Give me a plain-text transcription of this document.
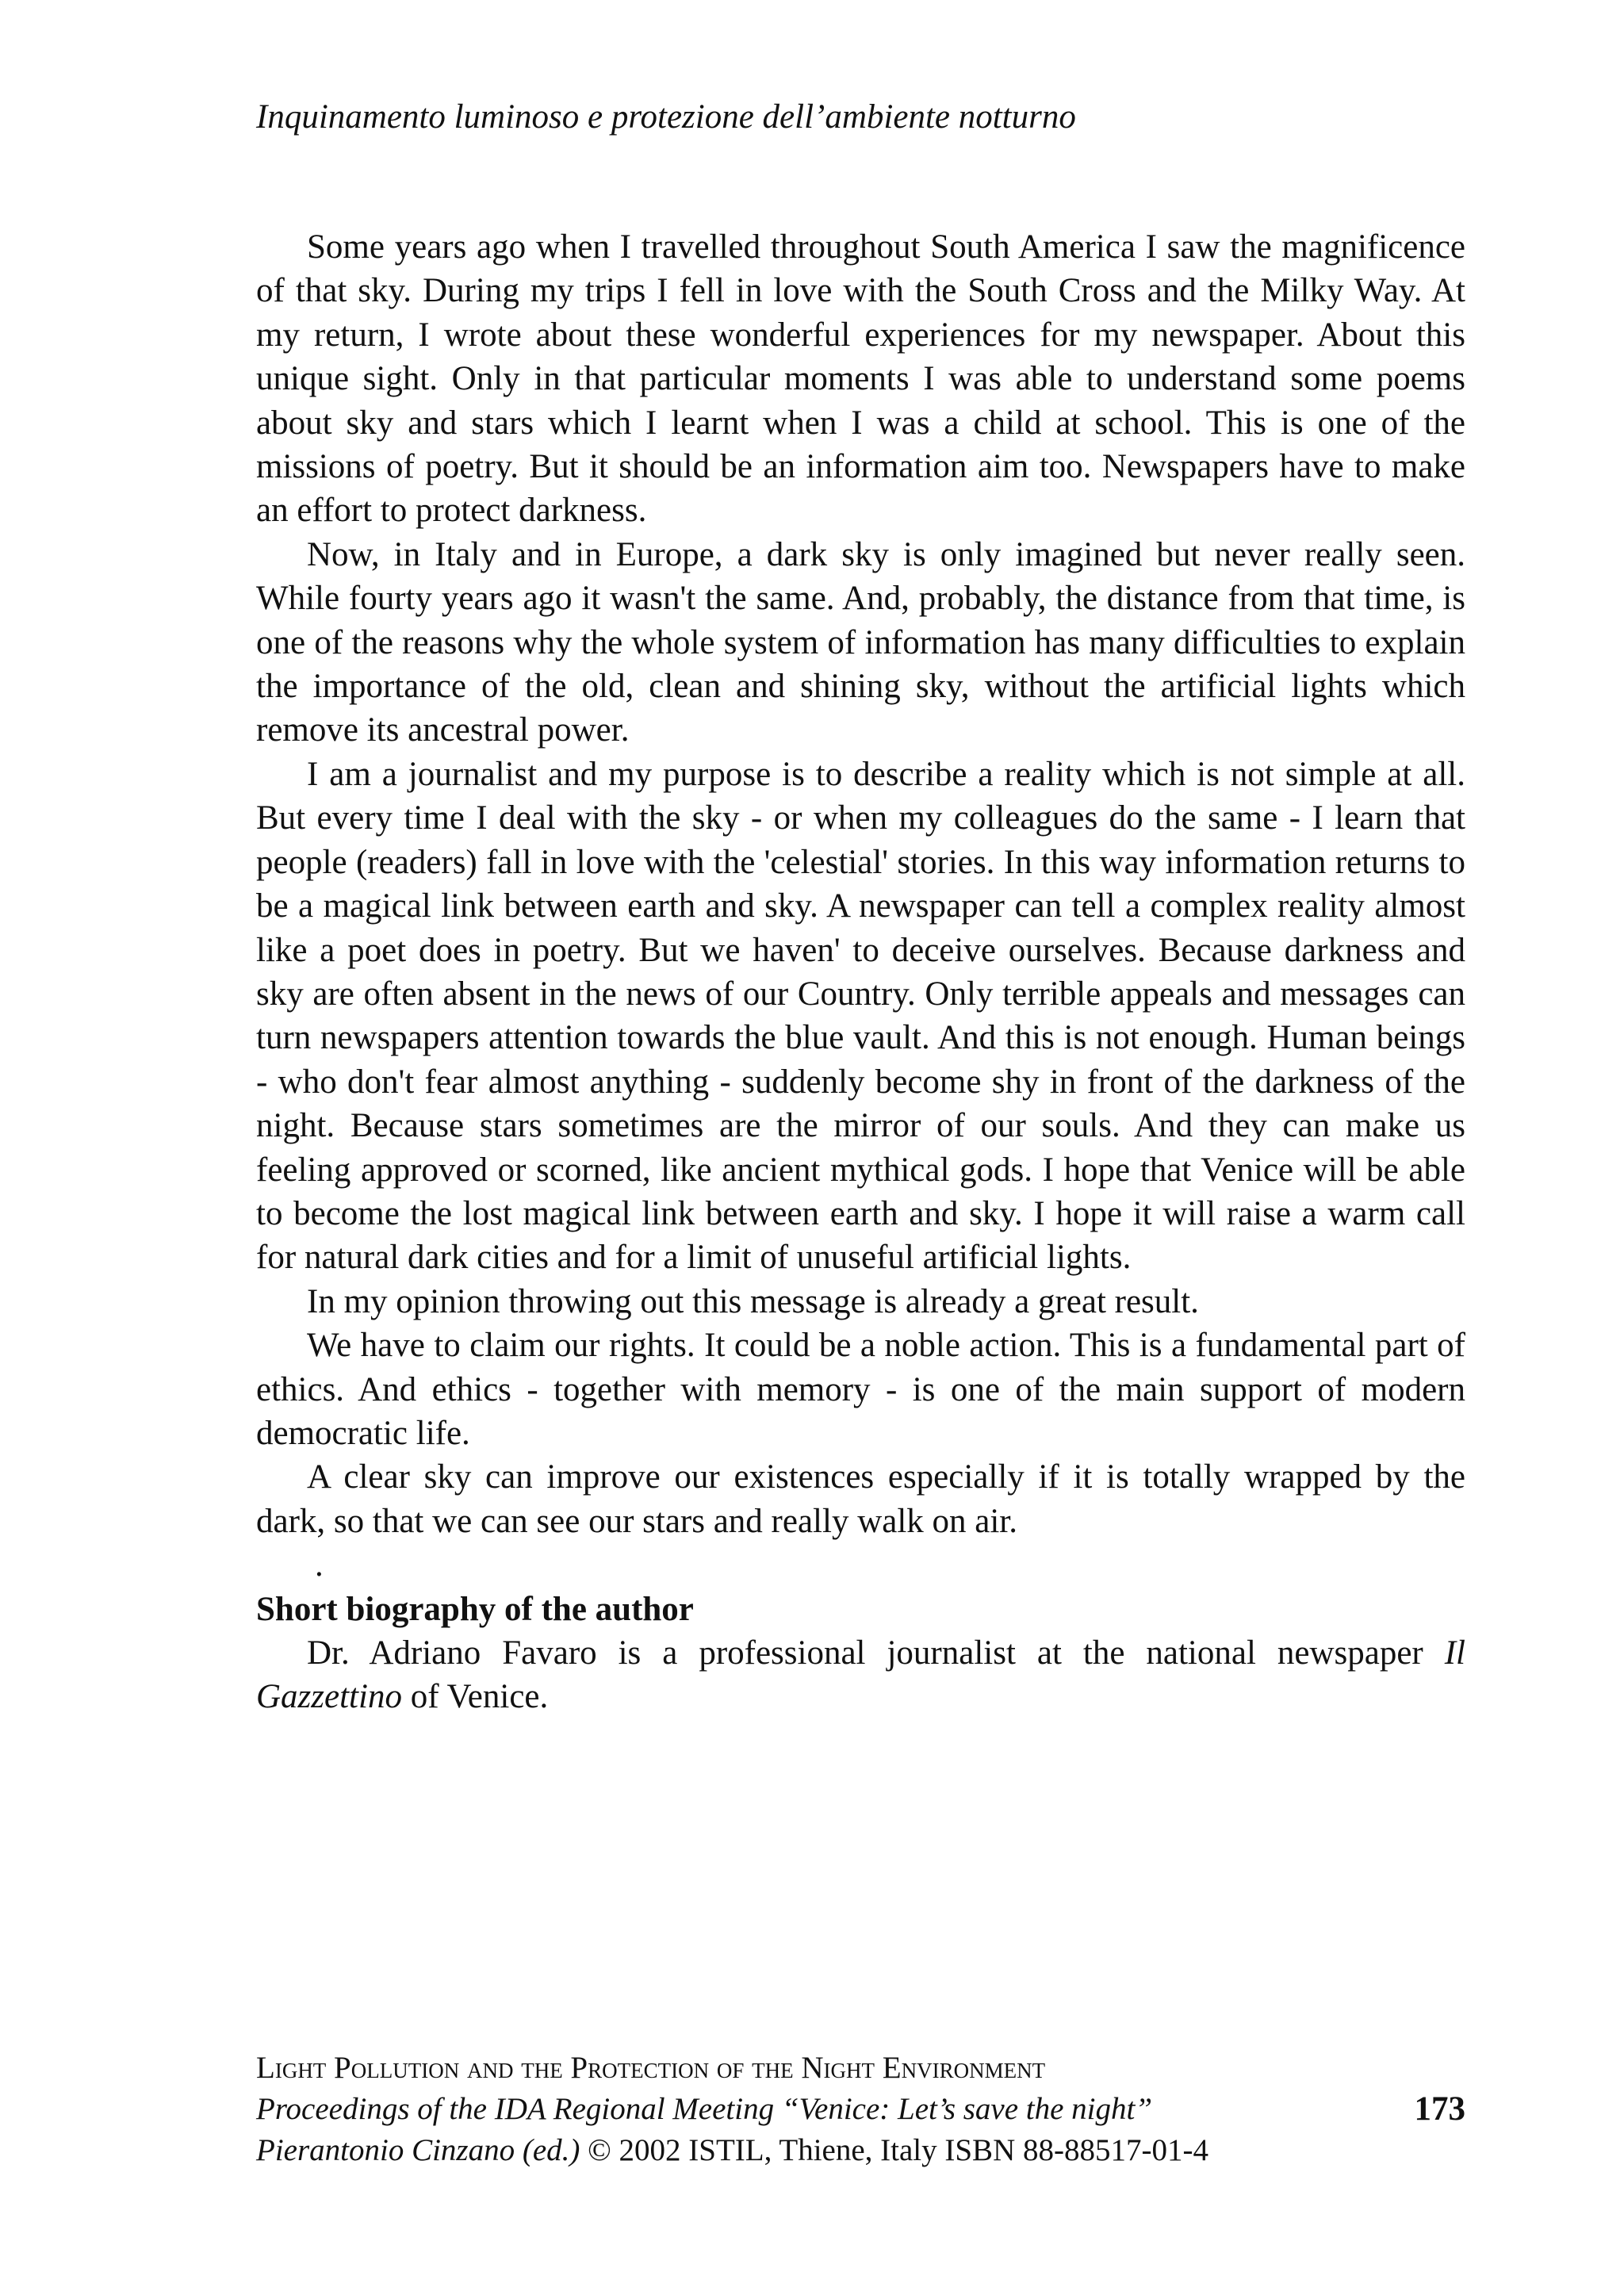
Inquinamento luminoso e protezione dell’ambiente notturno

Some years ago when I travelled throughout South America I saw the magnificence of that sky. During my trips I fell in love with the South Cross and the Milky Way. At my return, I wrote about these wonderful experiences for my newspaper. About this unique sight. Only in that particular moments I was able to understand some poems about sky and stars which I learnt when I was a child at school. This is one of the missions of poetry. But it should be an information aim too. Newspapers have to make an effort to protect darkness.

Now, in Italy and in Europe, a dark sky is only imagined but never really seen. While fourty years ago it wasn't the same. And, probably, the distance from that time, is one of the reasons why the whole system of information has many difficulties to explain the importance of the old, clean and shining sky, without the artificial lights which remove its ancestral power.

I am a journalist and my purpose is to describe a reality which is not simple at all. But every time I deal with the sky - or when my colleagues do the same - I learn that people (readers) fall in love with the 'celestial' stories. In this way information returns to be a magical link between earth and sky. A newspaper can tell a complex reality almost like a poet does in poetry. But we haven' to deceive ourselves. Because darkness and sky are often absent in the news of our Country. Only terrible appeals and messages can turn newspapers attention towards the blue vault. And this is not enough. Human beings - who don't fear almost anything - suddenly become shy in front of the darkness of the night. Because stars sometimes are the mirror of our souls. And they can make us feeling approved or scorned, like ancient mythical gods. I hope that Venice will be able to become the lost magical link between earth and sky. I hope it will raise a warm call for natural dark cities and for a limit of unuseful artificial lights.

In my opinion throwing out this message is already a great result.

We have to claim our rights. It could be a noble action. This is a fundamental part of ethics. And ethics - together with memory - is one of the main support of modern democratic life.

A clear sky can improve our existences especially if it is totally wrapped by the dark, so that we can see our stars and really walk on air.

.
Short biography of the author

Dr. Adriano Favaro is a professional journalist at the national newspaper Il Gazzettino of Venice.

Light Pollution and the Protection of the Night Environment
Proceedings of the IDA Regional Meeting “Venice: Let’s save the night”
Pierantonio Cinzano (ed.) © 2002 ISTIL, Thiene, Italy ISBN 88-88517-01-4
173
